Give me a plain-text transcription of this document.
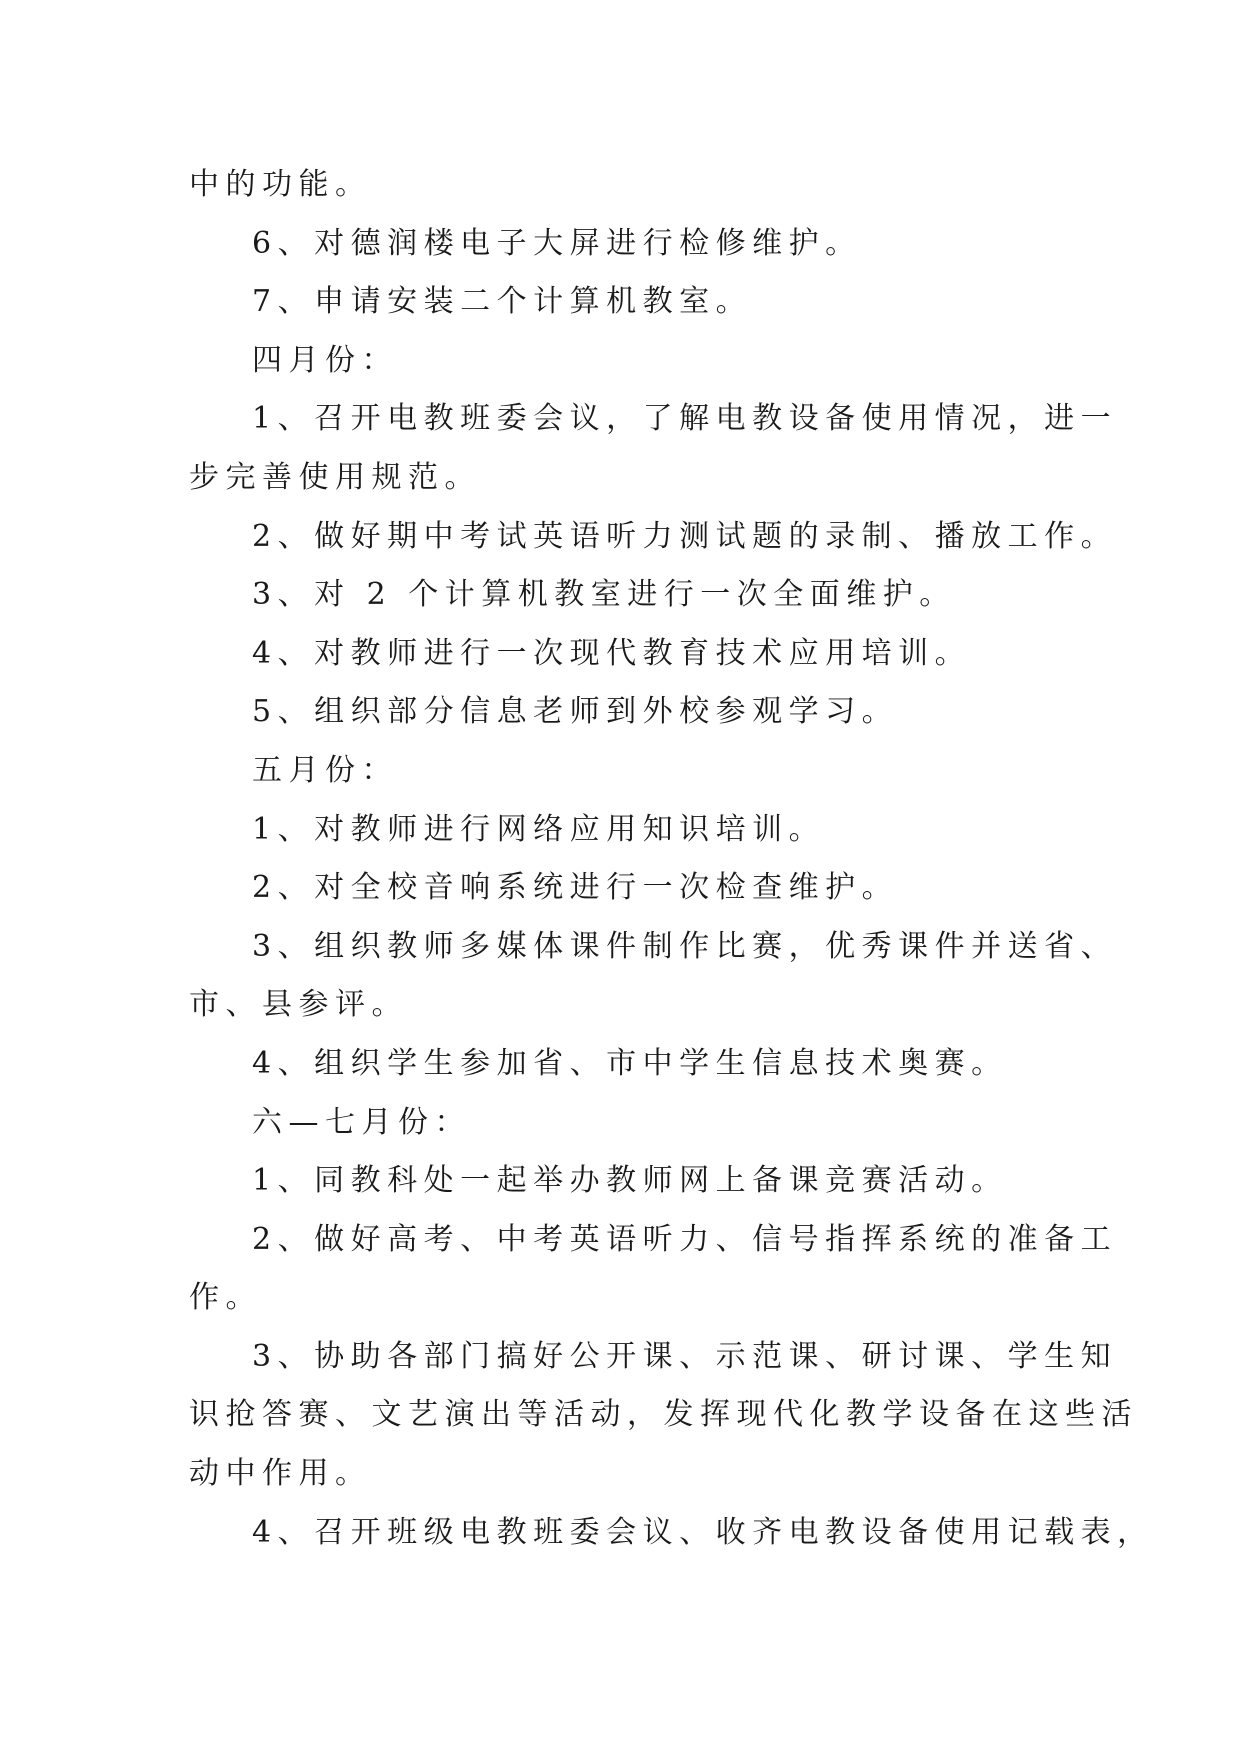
中的功能。
6、对德润楼电子大屏进行检修维护。
7、申请安装二个计算机教室。
四月份：
1、召开电教班委会议，了解电教设备使用情况，进一
步完善使用规范。
2、做好期中考试英语听力测试题的录制、播放工作。
3、对 2 个计算机教室进行一次全面维护。
4、对教师进行一次现代教育技术应用培训。
5、组织部分信息老师到外校参观学习。
五月份：
1、对教师进行网络应用知识培训。
2、对全校音响系统进行一次检查维护。
3、组织教师多媒体课件制作比赛，优秀课件并送省、
市、县参评。
4、组织学生参加省、市中学生信息技术奥赛。
六—七月份：
1、同教科处一起举办教师网上备课竞赛活动。
2、做好高考、中考英语听力、信号指挥系统的准备工
作。
3、协助各部门搞好公开课、示范课、研讨课、学生知
识抢答赛、文艺演出等活动，发挥现代化教学设备在这些活
动中作用。
4、召开班级电教班委会议、收齐电教设备使用记载表，
